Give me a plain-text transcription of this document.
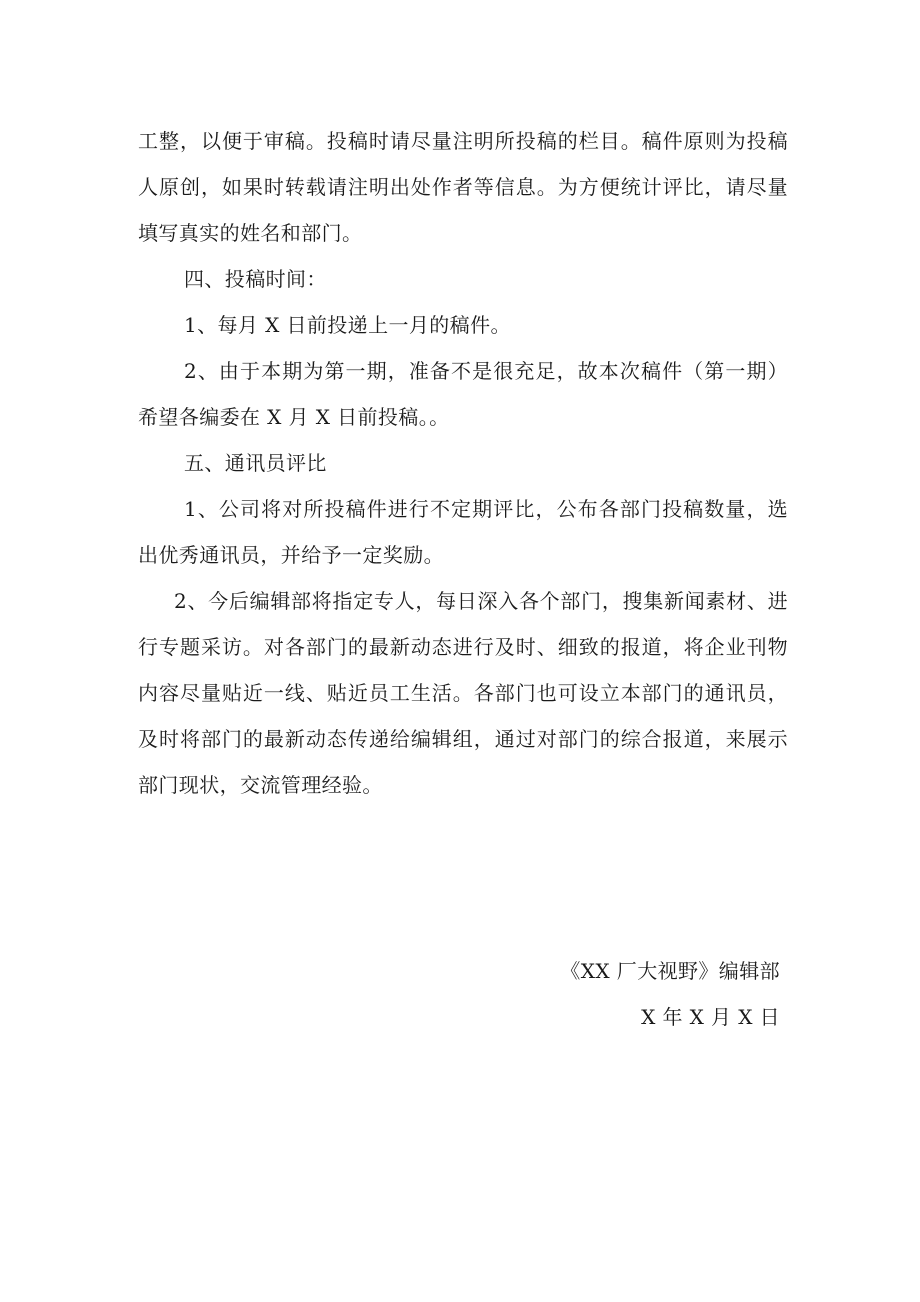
工整，以便于审稿。投稿时请尽量注明所投稿的栏目。稿件原则为投稿人原创，如果时转载请注明出处作者等信息。为方便统计评比，请尽量填写真实的姓名和部门。

四、投稿时间：

1、每月 X 日前投递上一月的稿件。

2、由于本期为第一期，准备不是很充足，故本次稿件（第一期）希望各编委在 X 月 X 日前投稿。。

五、通讯员评比

1、公司将对所投稿件进行不定期评比，公布各部门投稿数量，选出优秀通讯员，并给予一定奖励。

2、今后编辑部将指定专人，每日深入各个部门，搜集新闻素材、进行专题采访。对各部门的最新动态进行及时、细致的报道，将企业刊物内容尽量贴近一线、贴近员工生活。各部门也可设立本部门的通讯员，及时将部门的最新动态传递给编辑组，通过对部门的综合报道，来展示部门现状，交流管理经验。

《XX 厂大视野》编辑部
X 年 X 月 X 日
